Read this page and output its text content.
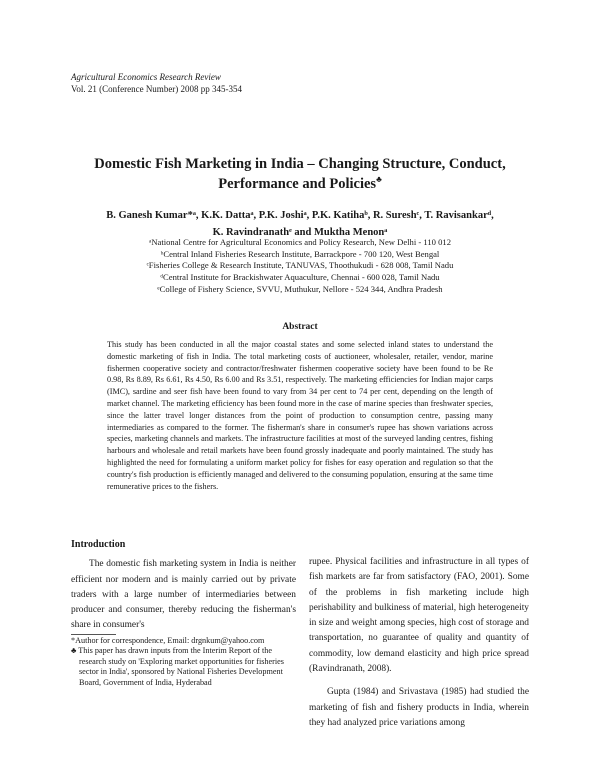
Agricultural Economics Research Review
Vol. 21 (Conference Number) 2008 pp 345-354
Domestic Fish Marketing in India – Changing Structure, Conduct,
Performance and Policies♣
B. Ganesh Kumar*ᵃ, K.K. Dattaᵃ, P.K. Joshiᵃ, P.K. Katihaᵇ, R. Sureshᶜ, T. Ravisankarᵈ,
K. Ravindranathᵉ and Muktha Menonᵃ
ᵃNational Centre for Agricultural Economics and Policy Research, New Delhi - 110 012
ᵇCentral Inland Fisheries Research Institute, Barrackpore - 700 120, West Bengal
ᶜFisheries College & Research Institute, TANUVAS, Thoothukudi - 628 008, Tamil Nadu
ᵈCentral Institute for Brackishwater Aquaculture, Chennai - 600 028, Tamil Nadu
ᵉCollege of Fishery Science, SVVU, Muthukur, Nellore - 524 344, Andhra Pradesh
Abstract
This study has been conducted in all the major coastal states and some selected inland states to understand the domestic marketing of fish in India. The total marketing costs of auctioneer, wholesaler, retailer, vendor, marine fishermen cooperative society and contractor/freshwater fishermen cooperative society have been found to be Re 0.98, Rs 8.89, Rs 6.61, Rs 4.50, Rs 6.00 and Rs 3.51, respectively. The marketing efficiencies for Indian major carps (IMC), sardine and seer fish have been found to vary from 34 per cent to 74 per cent, depending on the length of market channel. The marketing efficiency has been found more in the case of marine species than freshwater species, since the latter travel longer distances from the point of production to consumption centre, passing many intermediaries as compared to the former. The fisherman's share in consumer's rupee has shown variations across species, marketing channels and markets. The infrastructure facilities at most of the surveyed landing centres, fishing harbours and wholesale and retail markets have been found grossly inadequate and poorly maintained. The study has highlighted the need for formulating a uniform market policy for fishes for easy operation and regulation so that the country's fish production is efficiently managed and delivered to the consuming population, ensuring at the same time remunerative prices to the fishers.
Introduction

The domestic fish marketing system in India is neither efficient nor modern and is mainly carried out by private traders with a large number of intermediaries between producer and consumer, thereby reducing the fisherman's share in consumer's

*Author for correspondence, Email: drgnkum@yahoo.com

♣ This paper has drawn inputs from the Interim Report of the research study on 'Exploring market opportunities for fisheries sector in India', sponsored by National Fisheries Development Board, Government of India, Hyderabad

rupee. Physical facilities and infrastructure in all types of fish markets are far from satisfactory (FAO, 2001). Some of the problems in fish marketing include high perishability and bulkiness of material, high heterogeneity in size and weight among species, high cost of storage and transportation, no guarantee of quality and quantity of commodity, low demand elasticity and high price spread (Ravindranath, 2008).

Gupta (1984) and Srivastava (1985) had studied the marketing of fish and fishery products in India, wherein they had analyzed price variations among
